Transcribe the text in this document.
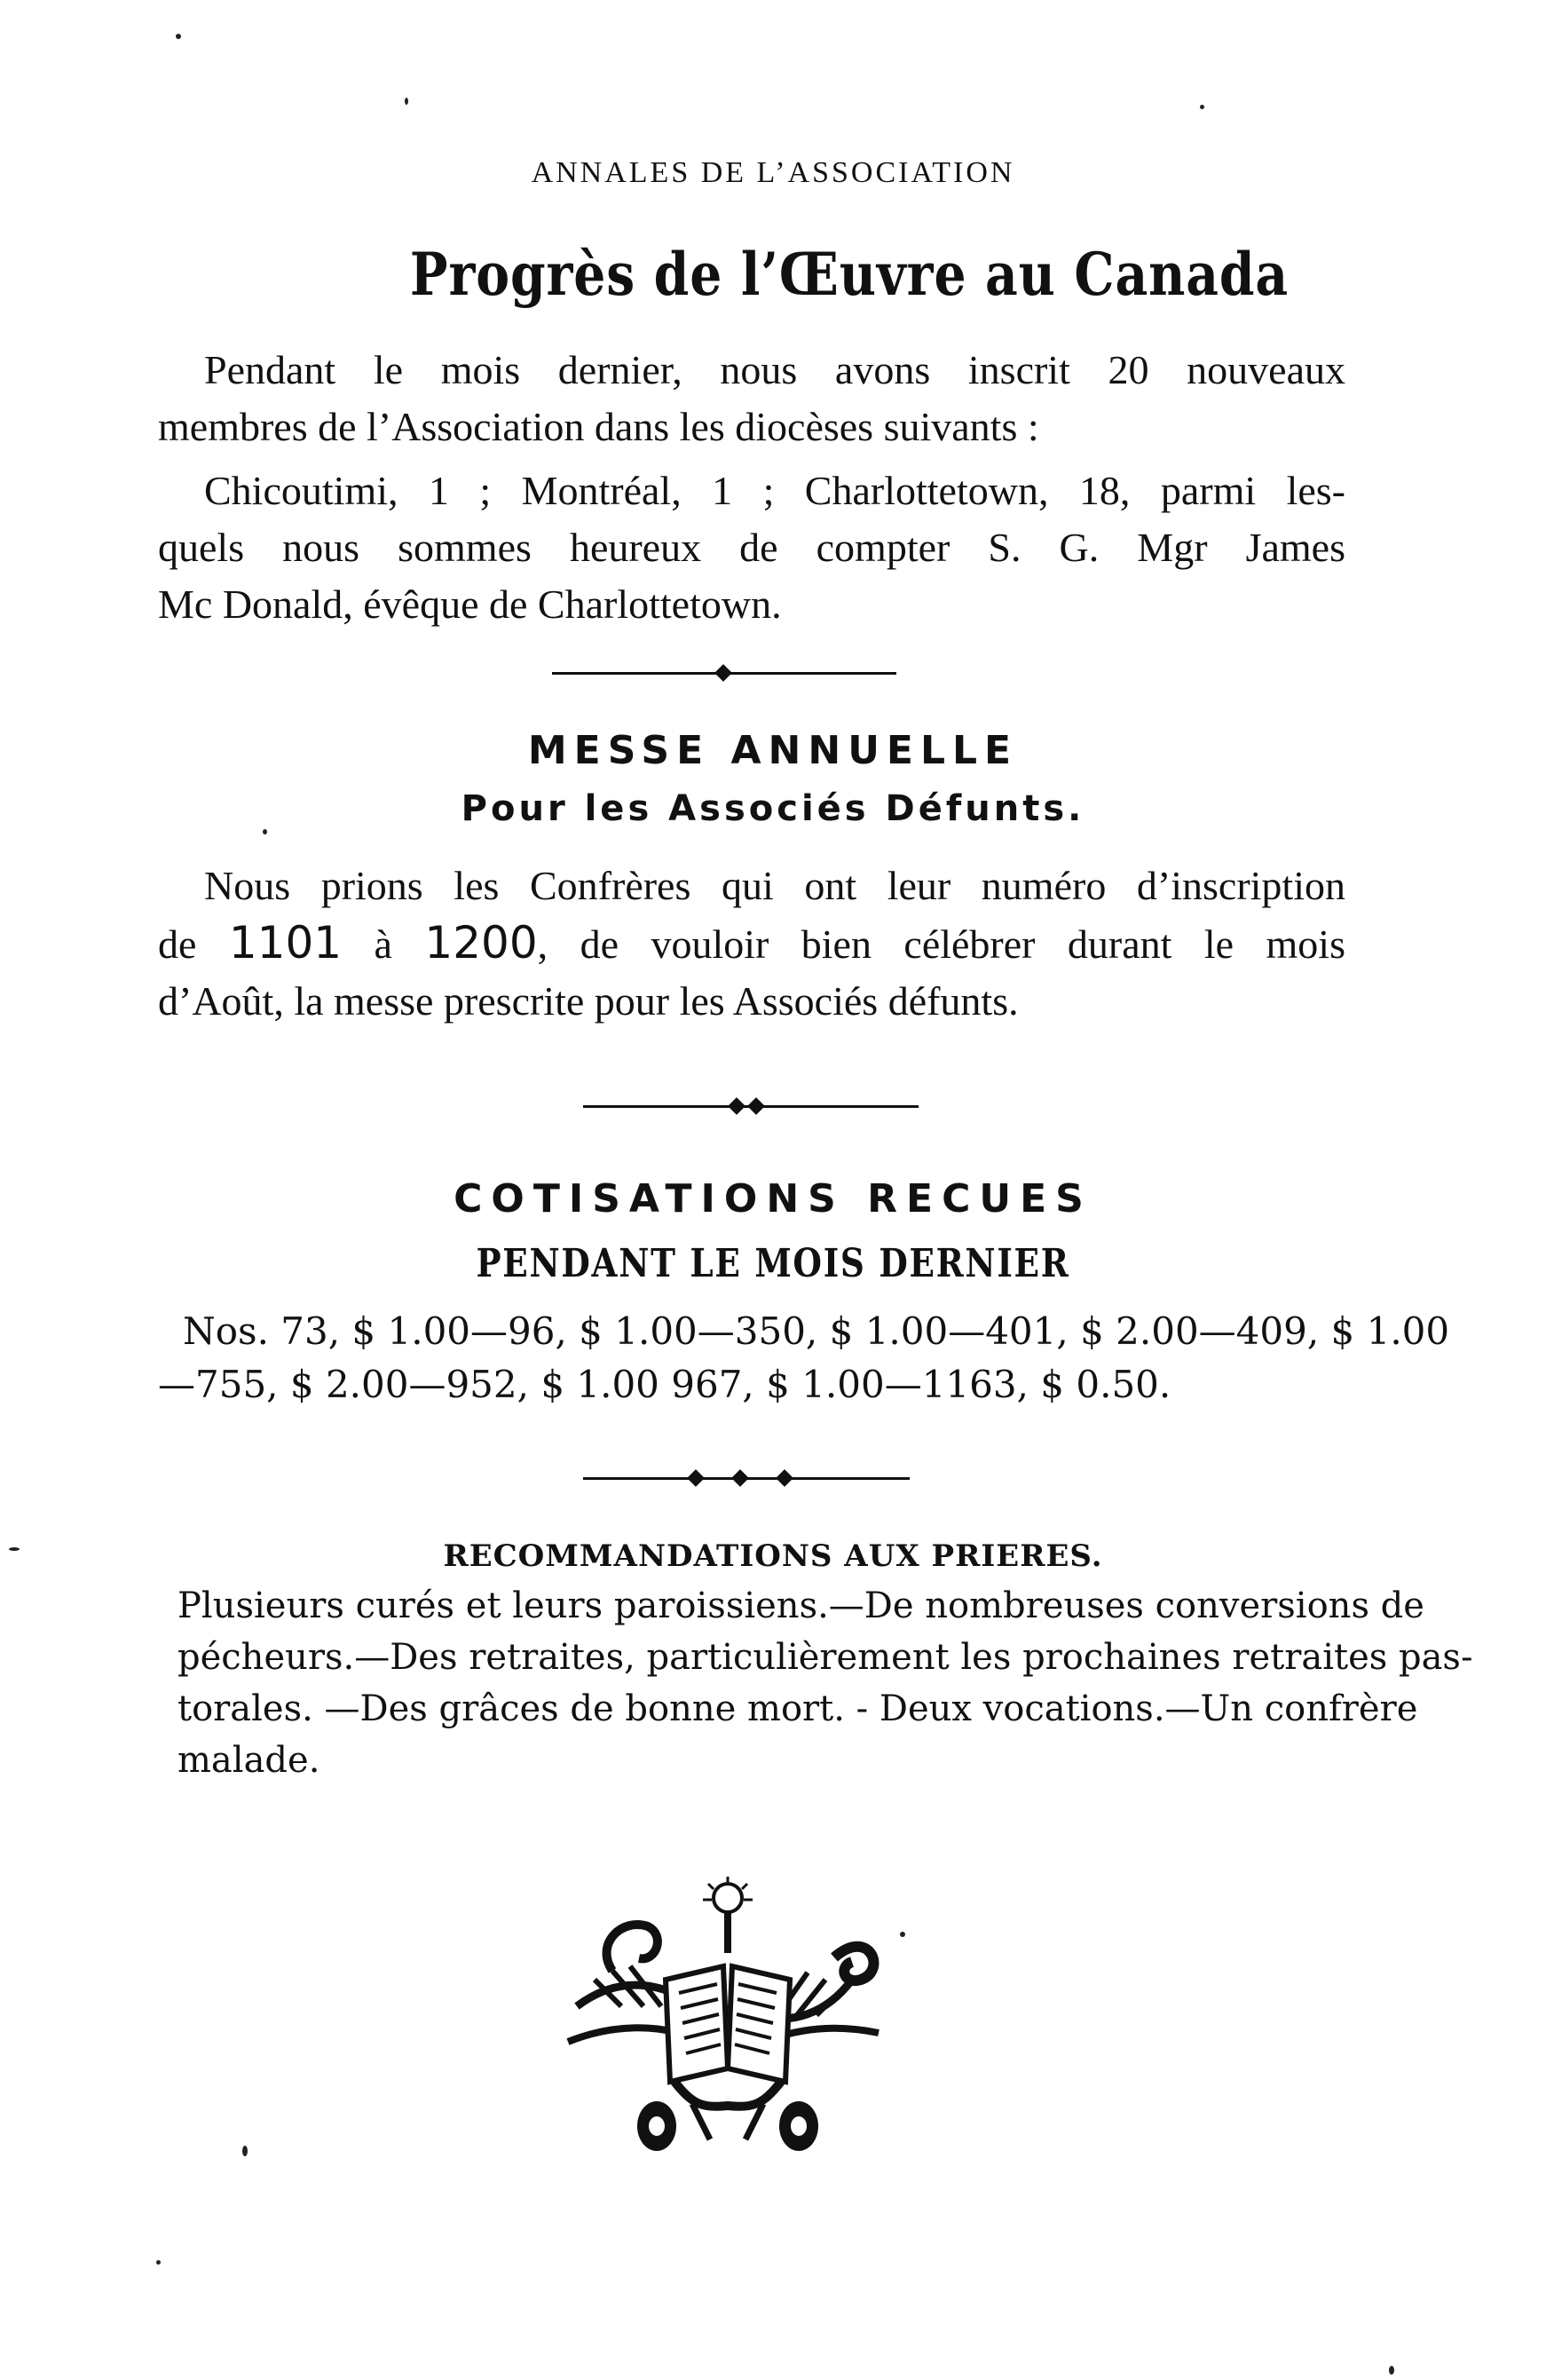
ANNALES DE L’ASSOCIATION
Progrès de l’Œuvre au Canada
Pendant le mois dernier, nous avons inscrit 20 nouveaux
membres de l’Association dans les diocèses suivants :
Chicoutimi, 1 ; Montréal, 1 ; Charlottetown, 18, parmi les-
quels nous sommes heureux de compter S. G. Mgr James
Mc Donald, évêque de Charlottetown.
MESSE ANNUELLE
Pour les Associés Défunts.
Nous prions les Confrères qui ont leur numéro d’inscription
de 1101 à 1200, de vouloir bien célébrer durant le mois
d’Août, la messe prescrite pour les Associés défunts.
COTISATIONS RECUES
PENDANT LE MOIS DERNIER
Nos. 73, $ 1.00—96, $ 1.00—350, $ 1.00—401, $ 2.00—409, $ 1.00
—755, $ 2.00—952, $ 1.00 967, $ 1.00—1163, $ 0.50.
RECOMMANDATIONS AUX PRIERES.
Plusieurs curés et leurs paroissiens.—De nombreuses conversions de
pécheurs.—Des retraites, particulièrement les prochaines retraites pas-
torales. —Des grâces de bonne mort. - Deux vocations.—Un confrère
malade.
